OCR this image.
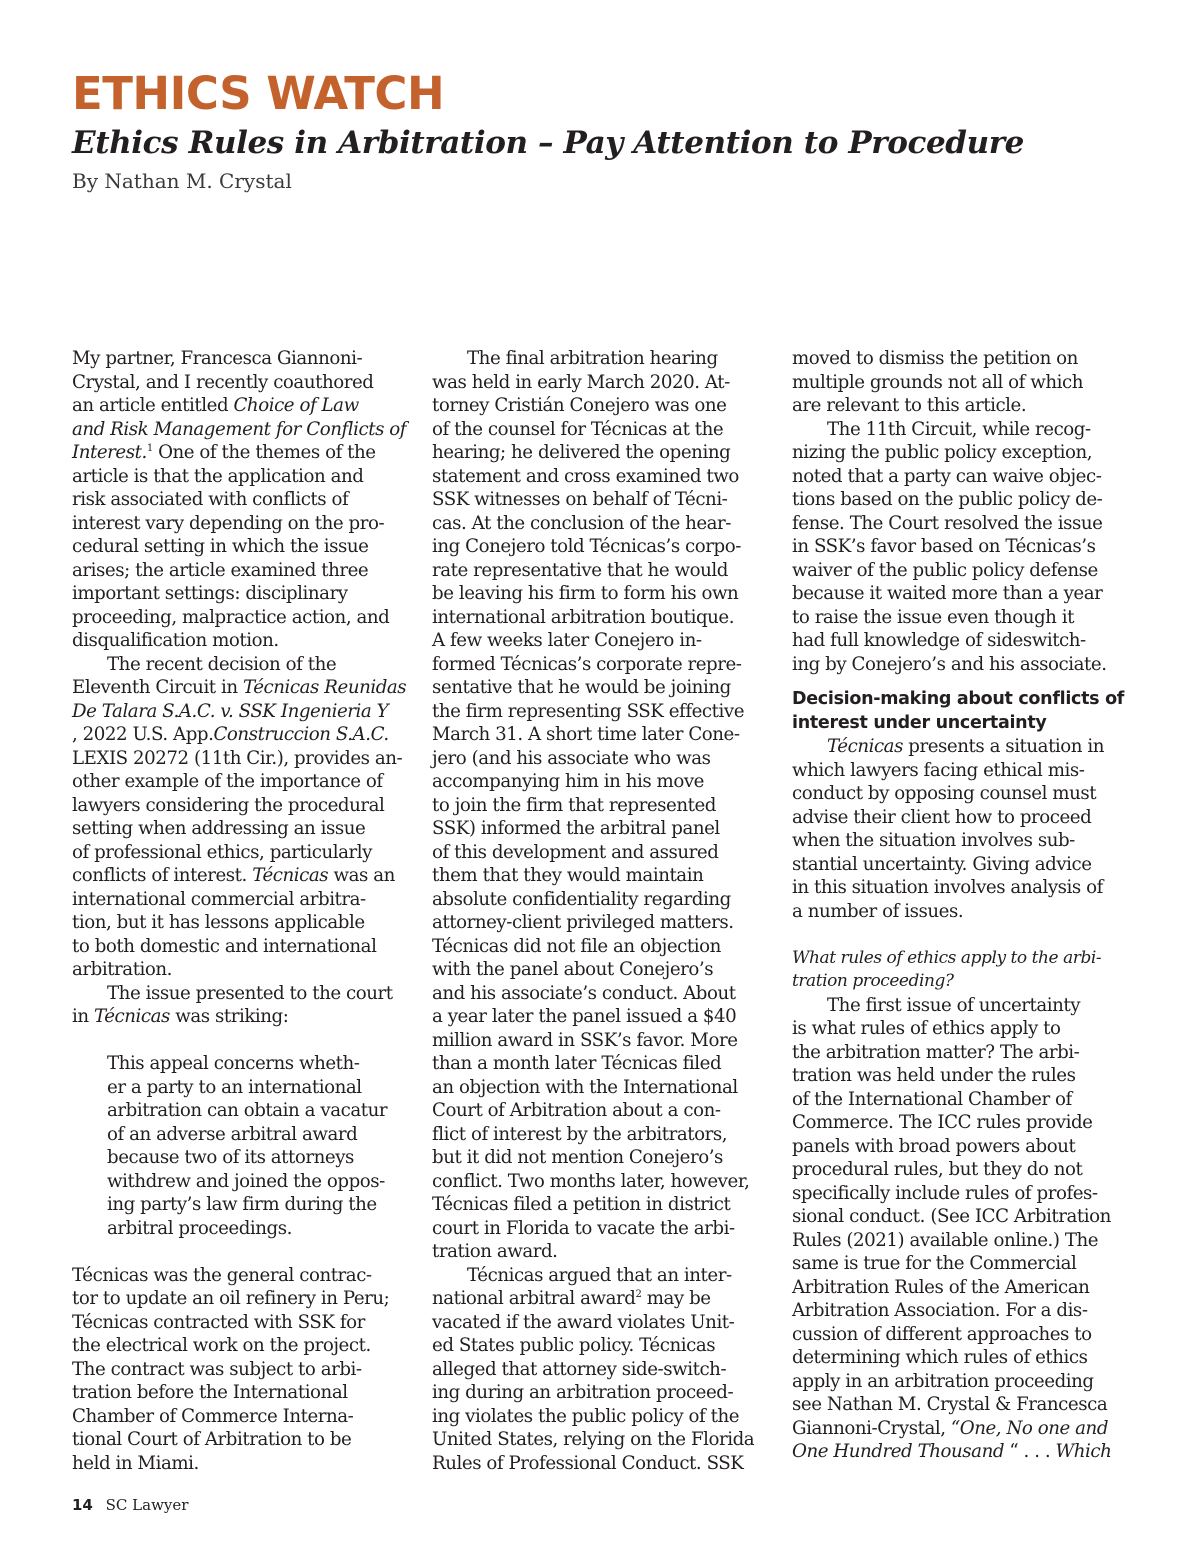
ETHICS WATCH
Ethics Rules in Arbitration – Pay Attention to Procedure

By Nathan M. Crystal

My partner, Francesca Giannoni-
Crystal, and I recently coauthored
an article entitled Choice of Law
and Risk Management for Conflicts of
Interest.$^1$ One of the themes of the
article is that the application and
risk associated with conflicts of
interest vary depending on the pro-
cedural setting in which the issue
arises; the article examined three
important settings: disciplinary
proceeding, malpractice action, and
disqualification motion.
The recent decision of the
Eleventh Circuit in Técnicas Reunidas
De Talara S.A.C. v. SSK Ingenieria Y
, 2022 U.S. App.Construccion S.A.C.
LEXIS 20272 (11th Cir.), provides an-
other example of the importance of
lawyers considering the procedural
setting when addressing an issue
of professional ethics, particularly
conflicts of interest. Técnicas was an
international commercial arbitra-
tion, but it has lessons applicable
to both domestic and international
arbitration.
The issue presented to the court
in Técnicas was striking:
This appeal concerns wheth-
er a party to an international
arbitration can obtain a vacatur
of an adverse arbitral award
because two of its attorneys
withdrew and joined the oppos-
ing party’s law firm during the
arbitral proceedings.
Técnicas was the general contrac-
tor to update an oil refinery in Peru;
Técnicas contracted with SSK for
the electrical work on the project.
The contract was subject to arbi-
tration before the International
Chamber of Commerce Interna-
tional Court of Arbitration to be
held in Miami.
The final arbitration hearing
was held in early March 2020. At-
torney Cristián Conejero was one
of the counsel for Técnicas at the
hearing; he delivered the opening
statement and cross examined two
SSK witnesses on behalf of Técni-
cas. At the conclusion of the hear-
ing Conejero told Técnicas’s corpo-
rate representative that he would
be leaving his firm to form his own
international arbitration boutique.
A few weeks later Conejero in-
formed Técnicas’s corporate repre-
sentative that he would be joining
the firm representing SSK effective
March 31. A short time later Cone-
jero (and his associate who was
accompanying him in his move
to join the firm that represented
SSK) informed the arbitral panel
of this development and assured
them that they would maintain
absolute confidentiality regarding
attorney-client privileged matters.
Técnicas did not file an objection
with the panel about Conejero’s
and his associate’s conduct. About
a year later the panel issued a $40
million award in SSK’s favor. More
than a month later Técnicas filed
an objection with the International
Court of Arbitration about a con-
flict of interest by the arbitrators,
but it did not mention Conejero’s
conflict. Two months later, however,
Técnicas filed a petition in district
court in Florida to vacate the arbi-
tration award.
Técnicas argued that an inter-
national arbitral award$^2$ may be
vacated if the award violates Unit-
ed States public policy. Técnicas
alleged that attorney side-switch-
ing during an arbitration proceed-
ing violates the public policy of the
United States, relying on the Florida
Rules of Professional Conduct. SSK
moved to dismiss the petition on
multiple grounds not all of which
are relevant to this article.
The 11th Circuit, while recog-
nizing the public policy exception,
noted that a party can waive objec-
tions based on the public policy de-
fense. The Court resolved the issue
in SSK’s favor based on Técnicas’s
waiver of the public policy defense
because it waited more than a year
to raise the issue even though it
had full knowledge of sideswitch-
ing by Conejero’s and his associate.
Decision-making about conflicts of
interest under uncertainty
Técnicas presents a situation in
which lawyers facing ethical mis-
conduct by opposing counsel must
advise their client how to proceed
when the situation involves sub-
stantial uncertainty. Giving advice
in this situation involves analysis of
a number of issues.
What rules of ethics apply to the arbi-
tration proceeding?
The first issue of uncertainty
is what rules of ethics apply to
the arbitration matter? The arbi-
tration was held under the rules
of the International Chamber of
Commerce. The ICC rules provide
panels with broad powers about
procedural rules, but they do not
specifically include rules of profes-
sional conduct. (See ICC Arbitration
Rules (2021) available online.) The
same is true for the Commercial
Arbitration Rules of the American
Arbitration Association. For a dis-
cussion of different approaches to
determining which rules of ethics
apply in an arbitration proceeding
see Nathan M. Crystal & Francesca
Giannoni-Crystal, “One, No one and
One Hundred Thousand “ . . . Which
14 SC Lawyer
